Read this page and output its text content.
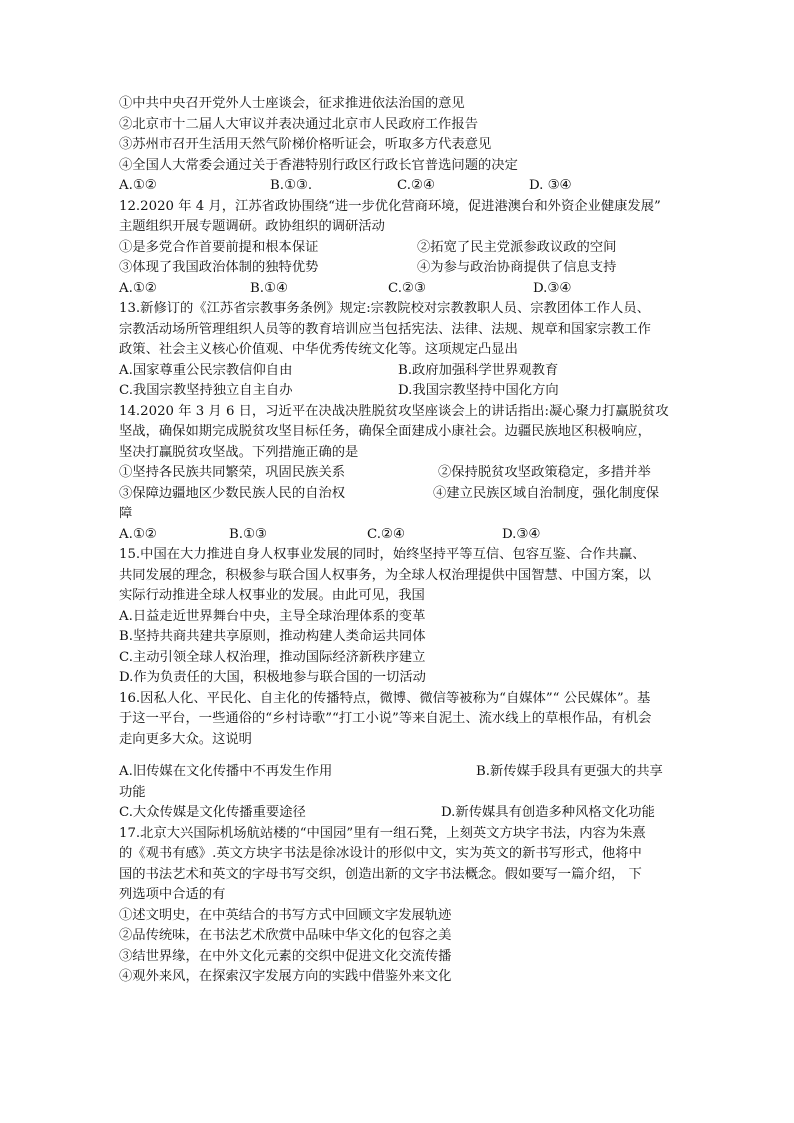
①中共中央召开党外人士座谈会，征求推进依法治国的意见
②北京市十二届人大审议并表决通过北京市人民政府工作报告
③苏州市召开生活用天然气阶梯价格听证会，听取多方代表意见
④全国人大常委会通过关于香港特别行政区行政长官普选问题的决定
A.①②	B.①③.	C.②④	D. ③④
12.2020 年 4 月，江苏省政协围绕“进一步优化营商环境，促进港澳台和外资企业健康发展”
主题组织开展专题调研。政协组织的调研活动
①是多党合作首要前提和根本保证	②拓宽了民主党派参政议政的空间
③体现了我国政治体制的独特优势	④为参与政治协商提供了信息支持
A.①②	B.①④	C.②③	D.③④
13.新修订的《江苏省宗教事务条例》规定:宗教院校对宗教教职人员、宗教团体工作人员、
宗教活动场所管理组织人员等的教育培训应当包括宪法、法律、法规、规章和国家宗教工作
政策、社会主义核心价值观、中华优秀传统文化等。这项规定凸显出
A.国家尊重公民宗教信仰自由	B.政府加强科学世界观教育
C.我国宗教坚持独立自主自办	D.我国宗教坚持中国化方向
14.2020 年 3 月 6 日，习近平在决战决胜脱贫攻坚座谈会上的讲话指出:凝心聚力打赢脱贫攻
坚战，确保如期完成脱贫攻坚目标任务，确保全面建成小康社会。边疆民族地区积极响应，
坚决打赢脱贫攻坚战。下列措施正确的是
①坚持各民族共同繁荣，巩固民族关系	②保持脱贫攻坚政策稳定，多措并举
③保障边疆地区少数民族人民的自治权	④建立民族区域自治制度，强化制度保
障
A.①②	B.①③	C.②④	D.③④
15.中国在大力推进自身人权事业发展的同时，始终坚持平等互信、包容互鉴、合作共赢、
共同发展的理念，积极参与联合国人权事务，为全球人权治理提供中国智慧、中国方案，以
实际行动推进全球人权事业的发展。由此可见，我国
A.日益走近世界舞台中央，主导全球治理体系的变革
B.坚持共商共建共享原则，推动构建人类命运共同体
C.主动引领全球人权治理，推动国际经济新秩序建立
D.作为负责任的大国，积极地参与联合国的一切活动
16.因私人化、平民化、自主化的传播特点，微博、微信等被称为“自媒体”“ 公民媒体”。基
于这一平台，一些通俗的“乡村诗歌”“打工小说”等来自泥土、流水线上的草根作品，有机会
走向更多大众。这说明
A.旧传媒在文化传播中不再发生作用	B.新传媒手段具有更强大的共享
功能
C.大众传媒是文化传播重要途径	D.新传媒具有创造多种风格文化功能
17.北京大兴国际机场航站楼的“中国园”里有一组石凳，上刻英文方块字书法，内容为朱熹
的《观书有感》.英文方块字书法是徐冰设计的形似中文，实为英文的新书写形式，他将中
国的书法艺术和英文的字母书写交织，创造出新的文字书法概念。假如要写一篇介绍， 下
列选项中合适的有
①述文明史，在中英结合的书写方式中回顾文字发展轨迹
②品传统味，在书法艺术欣赏中品味中华文化的包容之美
③结世界缘，在中外文化元素的交织中促进文化交流传播
④观外来风，在探索汉字发展方向的实践中借鉴外来文化
